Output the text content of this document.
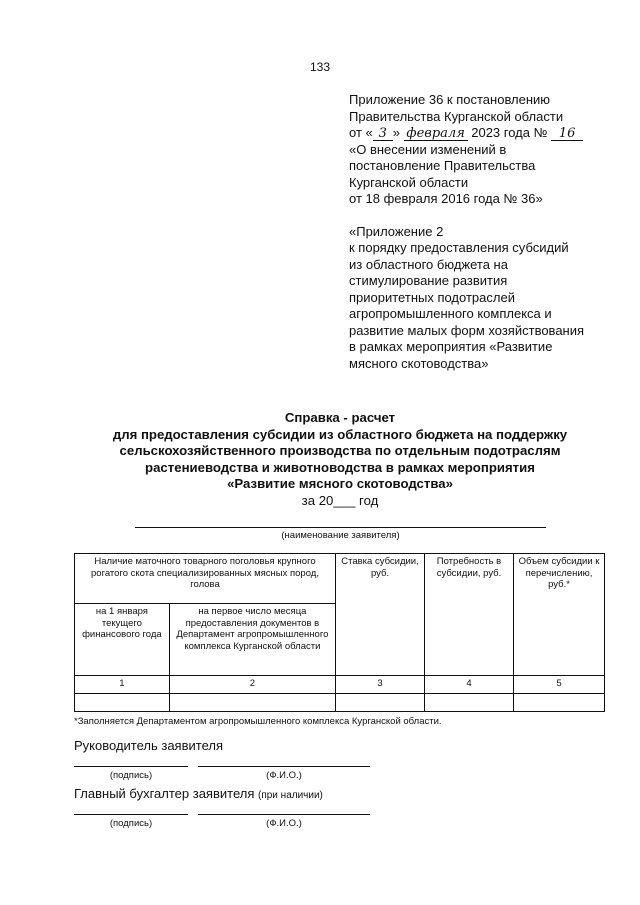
133
Приложение 36 к постановлению
Правительства Курганской области
от « 3 » февраля 2023 года № 16
«О внесении изменений в
постановление Правительства
Курганской области
от 18 февраля 2016 года № 36»
«Приложение 2
к порядку предоставления субсидий
из областного бюджета на
стимулирование развития
приоритетных подотраслей
агропромышленного комплекса и
развитие малых форм хозяйствования
в рамках мероприятия «Развитие
мясного скотоводства»
Справка - расчет
для предоставления субсидии из областного бюджета на поддержку
сельскохозяйственного производства по отдельным подотраслям
растениеводства и животноводства в рамках мероприятия
«Развитие мясного скотоводства»
за 20___ год
(наименование заявителя)
Наличие маточного товарного поголовья крупного рогатого скота специализированных мясных пород, голова		Ставка субсидии, руб.	Потребность в субсидии, руб.	Объем субсидии к перечислению, руб.*
на 1 января текущего финансового года	на первое число месяца предоставления документов в Департамент агропромышленного комплекса Курганской области			
1	2	3	4	5

*Заполняется Департаментом агропромышленного комплекса Курганской области.
Руководитель заявителя
(подпись)	(Ф.И.О.)
Главный бухгалтер заявителя (при наличии)
(подпись)	(Ф.И.О.)
